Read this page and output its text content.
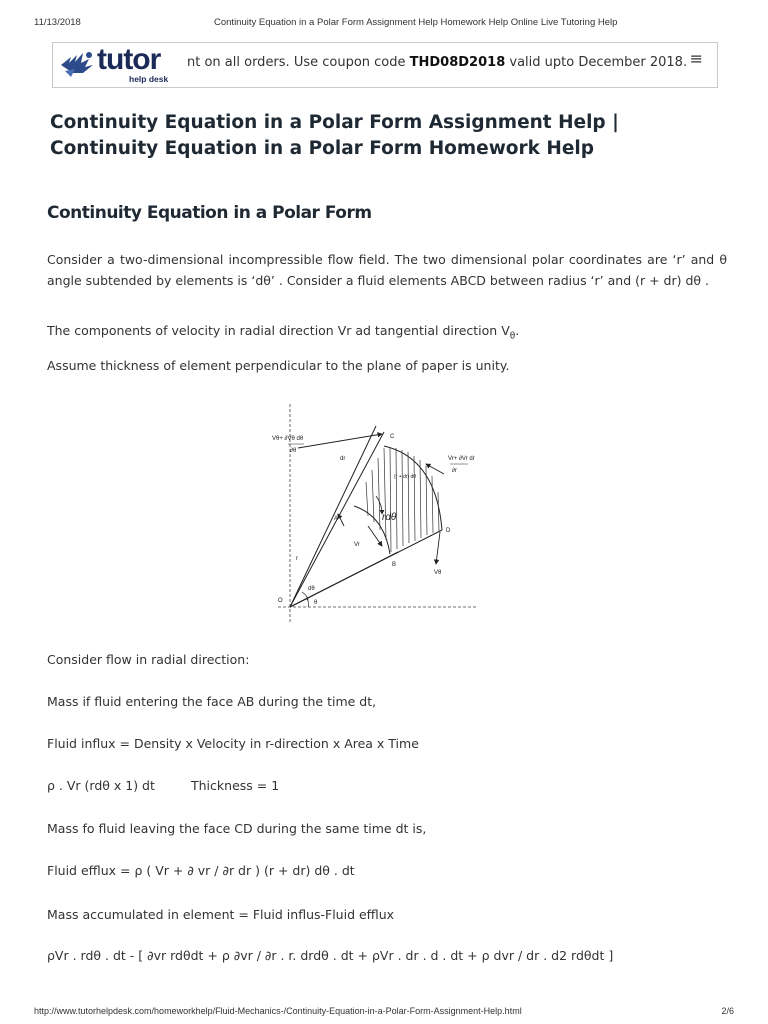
11/13/2018	Continuity Equation in a Polar Form Assignment Help Homework Help Online Live Tutoring Help
tutor
help desk
nt on all orders. Use coupon code THD08D2018 valid upto December 2018. ≡
Continuity Equation in a Polar Form Assignment Help | Continuity Equation in a Polar Form Homework Help
Continuity Equation in a Polar Form

Consider a two-dimensional incompressible flow field. The two dimensional polar coordinates are ‘r’ and θ angle subtended by elements is ‘dθ’ . Consider a fluid elements ABCD between radius ‘r’ and (r + dr) dθ .

The components of velocity in radial direction Vr ad tangential direction $V_\theta$.

Assume thickness of element perpendicular to the plane of paper is unity.

Vθ+ ∂Vθ dθ
∂θ
Vr+ ∂Vr dr
∂r
C
dr
(r + dr) dθ
rdθ
A
Vr
B
D
Vθ
r
dθ
θ
O

Consider flow in radial direction:

Mass if fluid entering the face AB during the time dt,

Fluid influx = Density x Velocity in r-direction x Area x Time

ρ . Vr (rdθ x 1) dt	Thickness = 1

Mass fo fluid leaving the face CD during the same time dt is,

Fluid efflux = ρ ( Vr + ∂ vr / ∂r dr ) (r + dr) dθ . dt

Mass accumulated in element = Fluid influs-Fluid efflux

ρVr . rdθ . dt - [ ∂vr rdθdt + ρ ∂vr / ∂r . r. drdθ . dt + ρVr . dr . d . dt + ρ dvr / dr . d2 rdθdt ]

http://www.tutorhelpdesk.com/homeworkhelp/Fluid-Mechanics-/Continuity-Equation-in-a-Polar-Form-Assignment-Help.html	2/6
